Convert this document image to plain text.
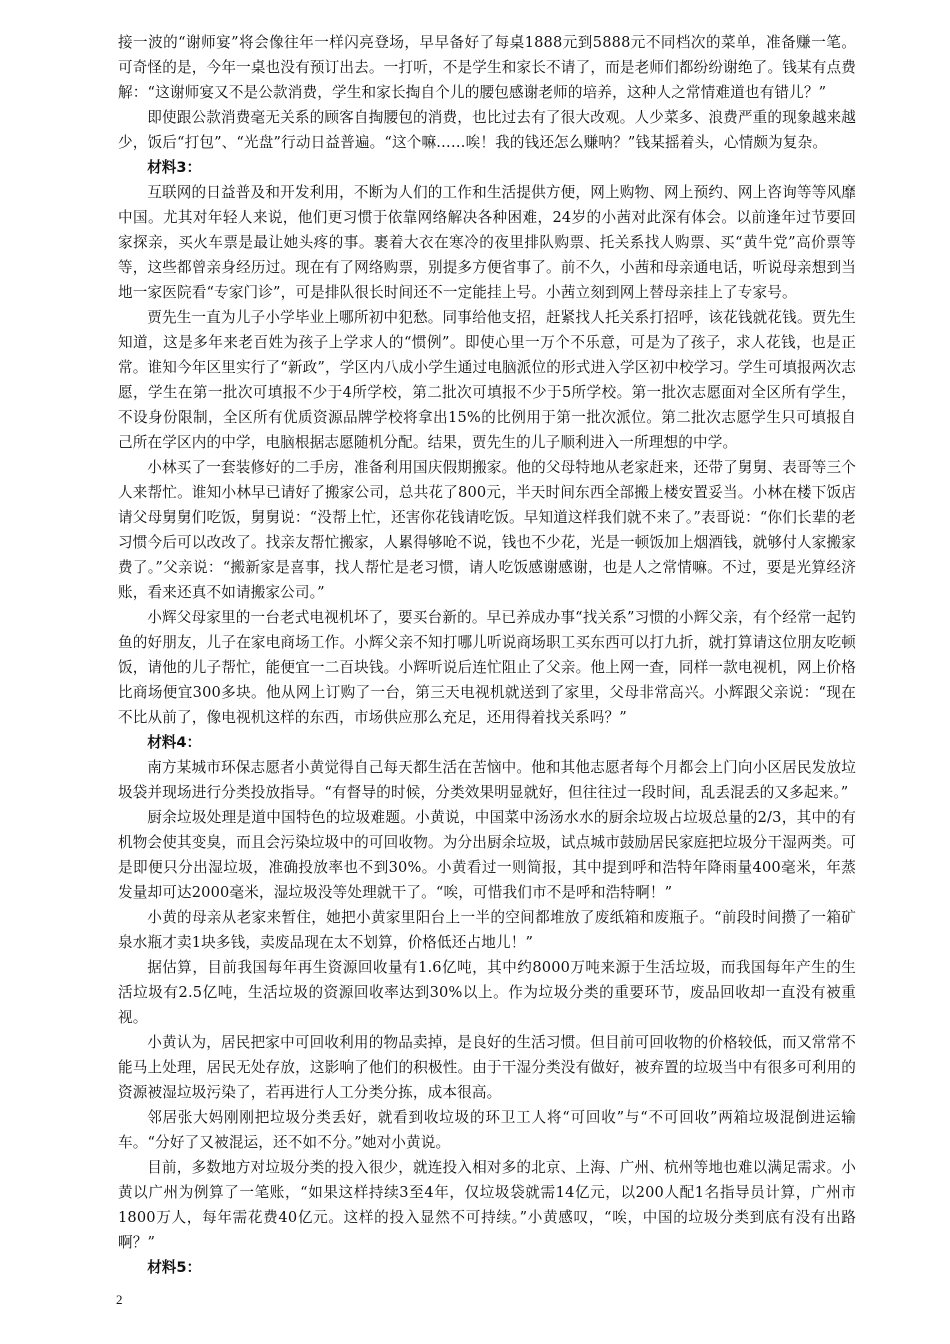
接一波的“谢师宴”将会像往年一样闪亮登场，早早备好了每桌1888元到5888元不同档次的菜单，准备赚一笔。可奇怪的是，今年一桌也没有预订出去。一打听，不是学生和家长不请了，而是老师们都纷纷谢绝了。钱某有点费解：“这谢师宴又不是公款消费，学生和家长掏自个儿的腰包感谢老师的培养，这种人之常情难道也有错儿？”

即使跟公款消费毫无关系的顾客自掏腰包的消费，也比过去有了很大改观。人少菜多、浪费严重的现象越来越少，饭后“打包”、“光盘”行动日益普遍。“这个嘛……唉！我的钱还怎么赚呐？”钱某摇着头，心情颇为复杂。

材料3：

互联网的日益普及和开发利用，不断为人们的工作和生活提供方便，网上购物、网上预约、网上咨询等等风靡中国。尤其对年轻人来说，他们更习惯于依靠网络解决各种困难，24岁的小茜对此深有体会。以前逢年过节要回家探亲，买火车票是最让她头疼的事。裹着大衣在寒冷的夜里排队购票、托关系找人购票、买“黄牛党”高价票等等，这些都曾亲身经历过。现在有了网络购票，别提多方便省事了。前不久，小茜和母亲通电话，听说母亲想到当地一家医院看“专家门诊”，可是排队很长时间还不一定能挂上号。小茜立刻到网上替母亲挂上了专家号。

贾先生一直为儿子小学毕业上哪所初中犯愁。同事给他支招，赶紧找人托关系打招呼，该花钱就花钱。贾先生知道，这是多年来老百姓为孩子上学求人的“惯例”。即使心里一万个不乐意，可是为了孩子，求人花钱，也是正常。谁知今年区里实行了“新政”，学区内八成小学生通过电脑派位的形式进入学区初中校学习。学生可填报两次志愿，学生在第一批次可填报不少于4所学校，第二批次可填报不少于5所学校。第一批次志愿面对全区所有学生，不设身份限制，全区所有优质资源品牌学校将拿出15%的比例用于第一批次派位。第二批次志愿学生只可填报自己所在学区内的中学，电脑根据志愿随机分配。结果，贾先生的儿子顺利进入一所理想的中学。

小林买了一套装修好的二手房，准备利用国庆假期搬家。他的父母特地从老家赶来，还带了舅舅、表哥等三个人来帮忙。谁知小林早已请好了搬家公司，总共花了800元，半天时间东西全部搬上楼安置妥当。小林在楼下饭店请父母舅舅们吃饭，舅舅说：“没帮上忙，还害你花钱请吃饭。早知道这样我们就不来了。”表哥说：“你们长辈的老习惯今后可以改改了。找亲友帮忙搬家，人累得够呛不说，钱也不少花，光是一顿饭加上烟酒钱，就够付人家搬家费了。”父亲说：“搬新家是喜事，找人帮忙是老习惯，请人吃饭感谢感谢，也是人之常情嘛。不过，要是光算经济账，看来还真不如请搬家公司。”

小辉父母家里的一台老式电视机坏了，要买台新的。早已养成办事“找关系”习惯的小辉父亲，有个经常一起钓鱼的好朋友，儿子在家电商场工作。小辉父亲不知打哪儿听说商场职工买东西可以打九折，就打算请这位朋友吃顿饭，请他的儿子帮忙，能便宜一二百块钱。小辉听说后连忙阻止了父亲。他上网一查，同样一款电视机，网上价格比商场便宜300多块。他从网上订购了一台，第三天电视机就送到了家里，父母非常高兴。小辉跟父亲说：“现在不比从前了，像电视机这样的东西，市场供应那么充足，还用得着找关系吗？”

材料4：

南方某城市环保志愿者小黄觉得自己每天都生活在苦恼中。他和其他志愿者每个月都会上门向小区居民发放垃圾袋并现场进行分类投放指导。“有督导的时候，分类效果明显就好，但往往过一段时间，乱丢混丢的又多起来。”

厨余垃圾处理是道中国特色的垃圾难题。小黄说，中国菜中汤汤水水的厨余垃圾占垃圾总量的2/3，其中的有机物会使其变臭，而且会污染垃圾中的可回收物。为分出厨余垃圾，试点城市鼓励居民家庭把垃圾分干湿两类。可是即便只分出湿垃圾，准确投放率也不到30%。小黄看过一则简报，其中提到呼和浩特年降雨量400毫米，年蒸发量却可达2000毫米，湿垃圾没等处理就干了。“唉，可惜我们市不是呼和浩特啊！”

小黄的母亲从老家来暂住，她把小黄家里阳台上一半的空间都堆放了废纸箱和废瓶子。“前段时间攒了一箱矿泉水瓶才卖1块多钱，卖废品现在太不划算，价格低还占地儿！”

据估算，目前我国每年再生资源回收量有1.6亿吨，其中约8000万吨来源于生活垃圾，而我国每年产生的生活垃圾有2.5亿吨，生活垃圾的资源回收率达到30%以上。作为垃圾分类的重要环节，废品回收却一直没有被重视。

小黄认为，居民把家中可回收利用的物品卖掉，是良好的生活习惯。但目前可回收物的价格较低，而又常常不能马上处理，居民无处存放，这影响了他们的积极性。由于干湿分类没有做好，被弃置的垃圾当中有很多可利用的资源被湿垃圾污染了，若再进行人工分类分拣，成本很高。

邻居张大妈刚刚把垃圾分类丢好，就看到收垃圾的环卫工人将“可回收”与“不可回收”两箱垃圾混倒进运输车。“分好了又被混运，还不如不分。”她对小黄说。

目前，多数地方对垃圾分类的投入很少，就连投入相对多的北京、上海、广州、杭州等地也难以满足需求。小黄以广州为例算了一笔账，“如果这样持续3至4年，仅垃圾袋就需14亿元，以200人配1名指导员计算，广州市1800万人，每年需花费40亿元。这样的投入显然不可持续。”小黄感叹，“唉，中国的垃圾分类到底有没有出路啊？”

材料5：

2
